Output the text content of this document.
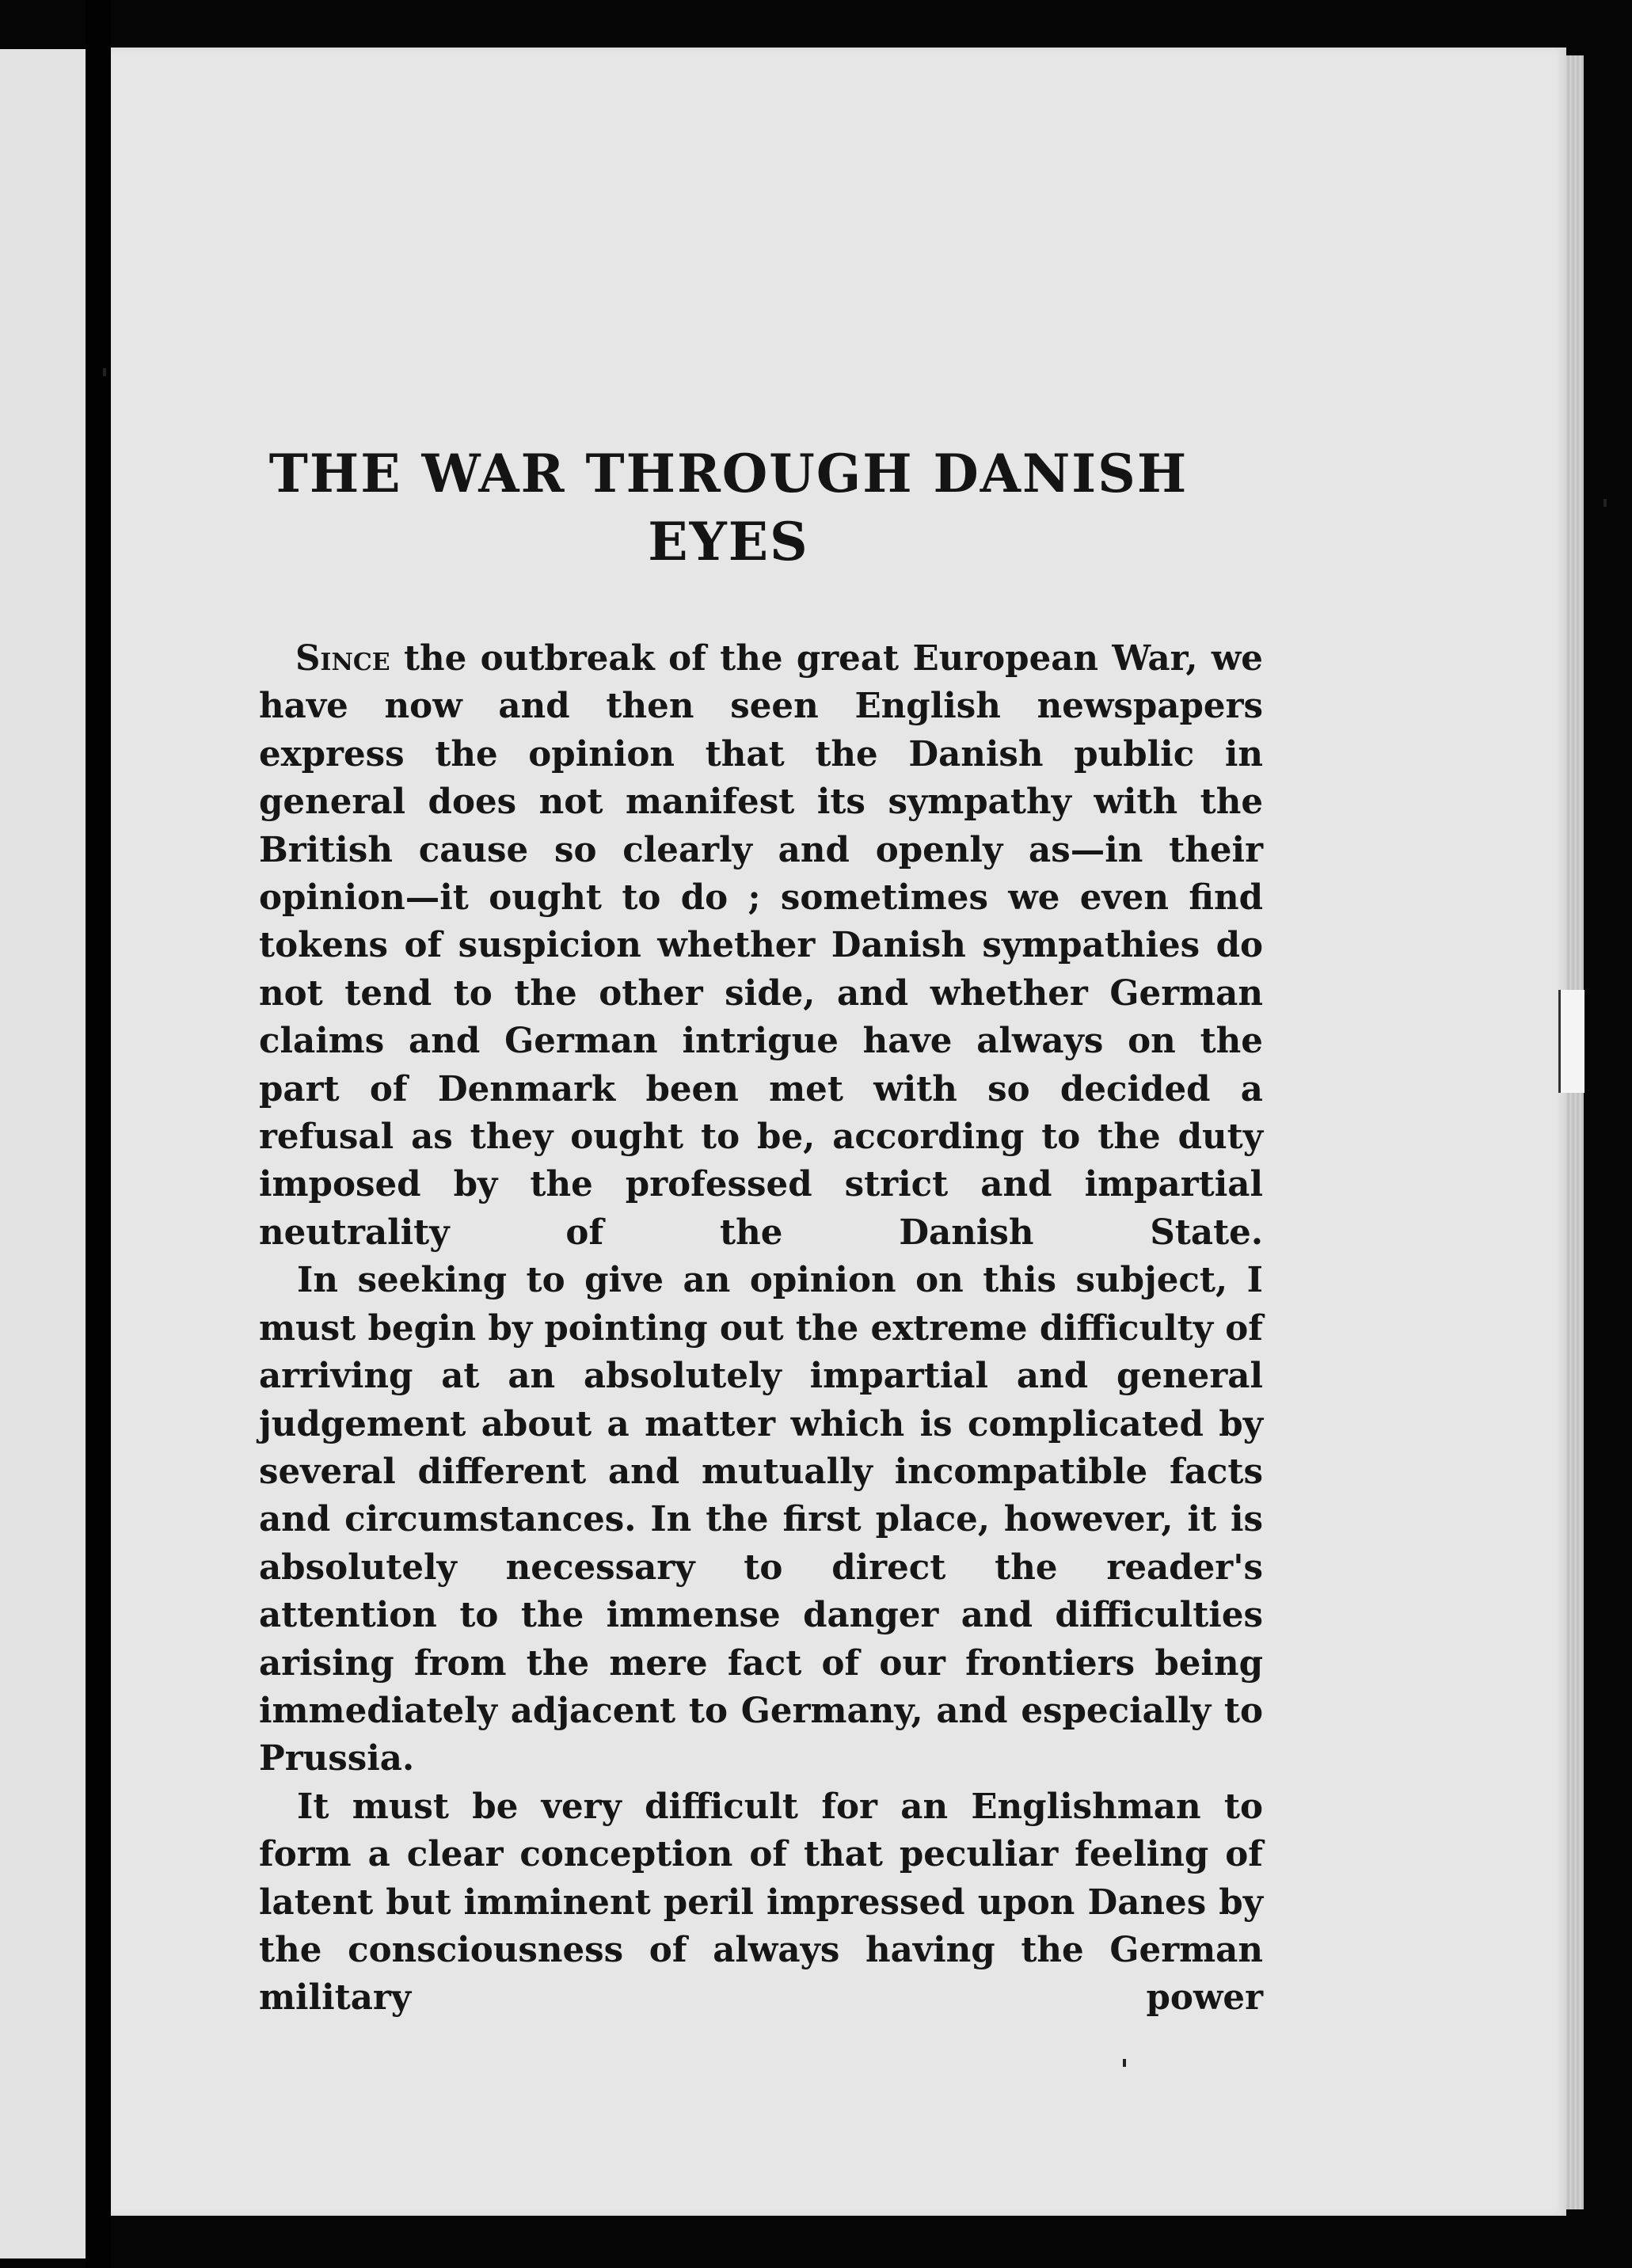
THE WAR THROUGH DANISH
EYES

Since the outbreak of the great European War, we have now and then seen English newspapers express the opinion that the Danish public in general does not manifest its sympathy with the British cause so clearly and openly as—in their opinion—it ought to do ; sometimes we even find tokens of suspicion whether Danish sympathies do not tend to the other side, and whether German claims and German intrigue have always on the part of Denmark been met with so decided a refusal as they ought to be, according to the duty imposed by the professed strict and impartial neutrality of the Danish State.

In seeking to give an opinion on this subject, I must begin by pointing out the extreme difficulty of arriving at an absolutely impartial and general judgement about a matter which is complicated by several different and mutually incompatible facts and circumstances. In the first place, however, it is absolutely necessary to direct the reader's attention to the immense danger and difficulties arising from the mere fact of our frontiers being immediately adjacent to Germany, and especially to Prussia.

It must be very difficult for an Englishman to form a clear conception of that peculiar feeling of latent but imminent peril impressed upon Danes by the consciousness of always having the German military power
